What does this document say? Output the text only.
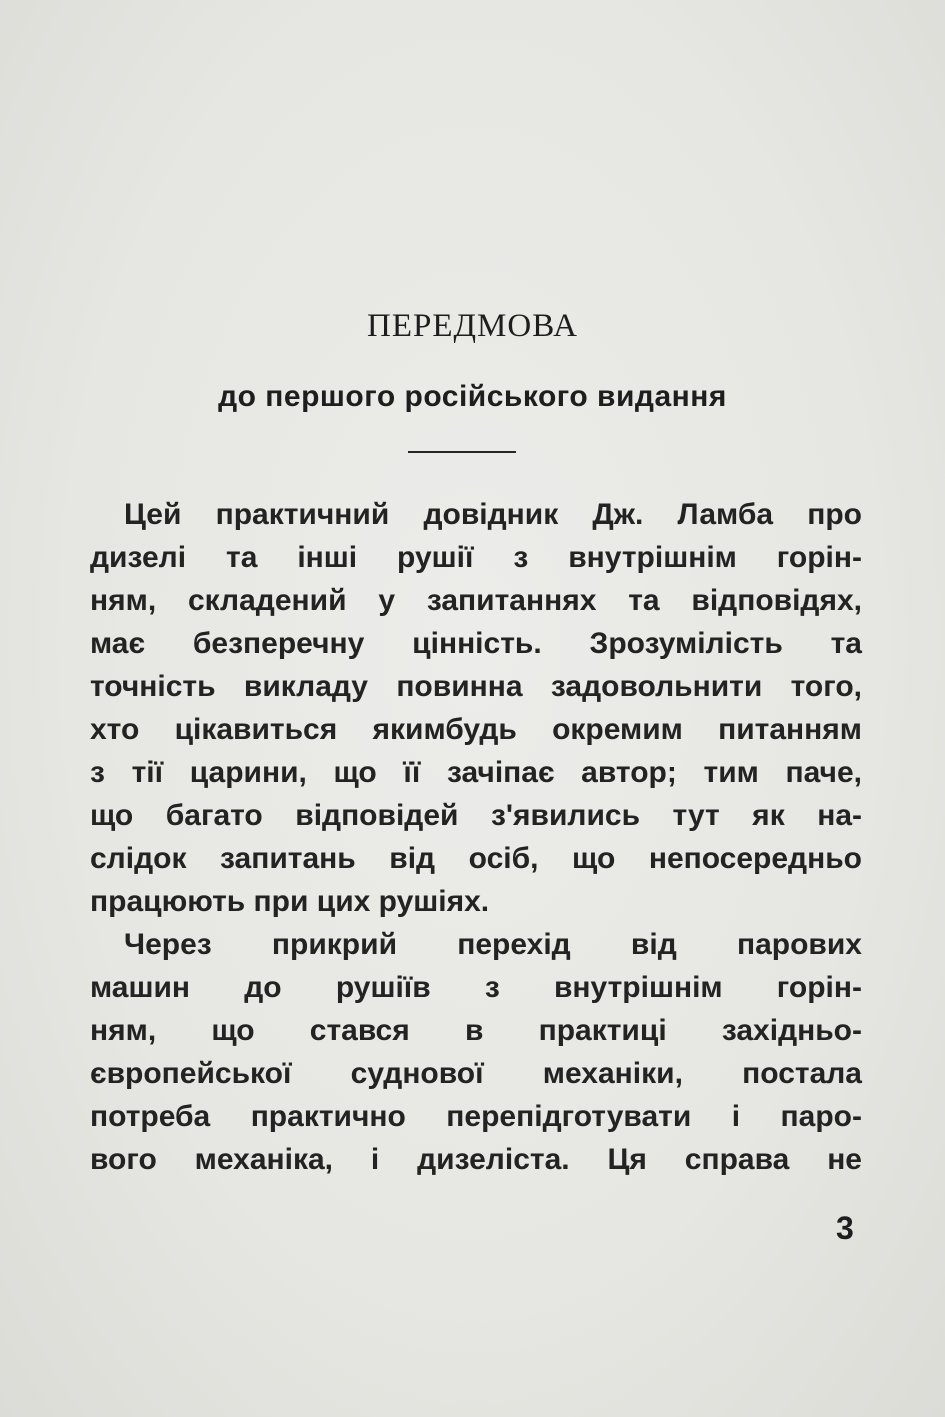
ПЕРЕДМОВА
до першого російського видання
Цей практичний довідник Дж. Ламба про
дизелі та інші рушії з внутрішнім горін-
ням, складений у запитаннях та відповідях,
має безперечну цінність. Зрозумілість та
точність викладу повинна задовольнити того,
хто цікавиться якимбудь окремим питанням
з тії царини, що її зачіпає автор; тим паче,
що багато відповідей з'явились тут як на-
слідок запитань від осіб, що непосередньо
працюють при цих рушіях.
Через прикрий перехід від парових
машин до рушіїв з внутрішнім горін-
ням, що стався в практиці західньо-
європейської суднової механіки, постала
потреба практично перепідготувати і паро-
вого механіка, і дизеліста. Ця справа не
3
